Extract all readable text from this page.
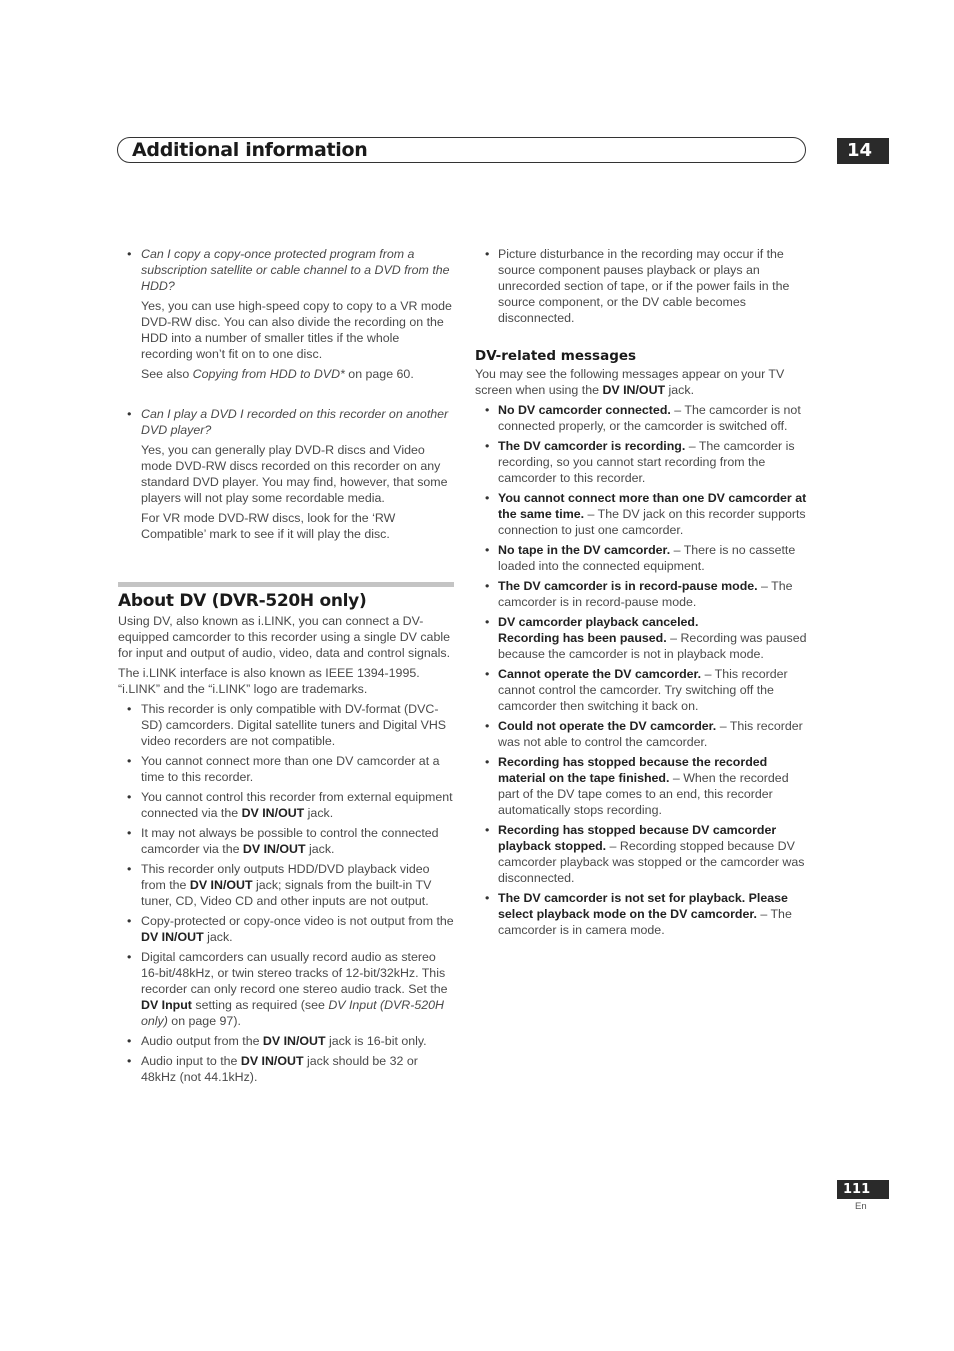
Additional information	14

• Can I copy a copy-once protected program from a subscription satellite or cable channel to a DVD from the HDD?

Yes, you can use high-speed copy to copy to a VR mode DVD-RW disc. You can also divide the recording on the HDD into a number of smaller titles if the whole recording won’t fit on to one disc.

See also Copying from HDD to DVD* on page 60.

• Can I play a DVD I recorded on this recorder on another DVD player?

Yes, you can generally play DVD-R discs and Video mode DVD-RW discs recorded on this recorder on any standard DVD player. You may find, however, that some players will not play some recordable media.

For VR mode DVD-RW discs, look for the ‘RW Compatible’ mark to see if it will play the disc.

About DV (DVR-520H only)

Using DV, also known as i.LINK, you can connect a DV-equipped camcorder to this recorder using a single DV cable for input and output of audio, video, data and control signals.

The i.LINK interface is also known as IEEE 1394-1995. “i.LINK” and the “i.LINK” logo are trademarks.

• This recorder is only compatible with DV-format (DVC-SD) camcorders. Digital satellite tuners and Digital VHS video recorders are not compatible.

• You cannot connect more than one DV camcorder at a time to this recorder.

• You cannot control this recorder from external equipment connected via the DV IN/OUT jack.

• It may not always be possible to control the connected camcorder via the DV IN/OUT jack.

• This recorder only outputs HDD/DVD playback video from the DV IN/OUT jack; signals from the built-in TV tuner, CD, Video CD and other inputs are not output.

• Copy-protected or copy-once video is not output from the DV IN/OUT jack.

• Digital camcorders can usually record audio as stereo 16-bit/48kHz, or twin stereo tracks of 12-bit/32kHz. This recorder can only record one stereo audio track. Set the DV Input setting as required (see DV Input (DVR-520H only) on page 97).

• Audio output from the DV IN/OUT jack is 16-bit only.

• Audio input to the DV IN/OUT jack should be 32 or 48kHz (not 44.1kHz).

• Picture disturbance in the recording may occur if the source component pauses playback or plays an unrecorded section of tape, or if the power fails in the source component, or the DV cable becomes disconnected.

DV-related messages

You may see the following messages appear on your TV screen when using the DV IN/OUT jack.

• No DV camcorder connected. – The camcorder is not connected properly, or the camcorder is switched off.

• The DV camcorder is recording. – The camcorder is recording, so you cannot start recording from the camcorder to this recorder.

• You cannot connect more than one DV camcorder at the same time. – The DV jack on this recorder supports connection to just one camcorder.

• No tape in the DV camcorder. – There is no cassette loaded into the connected equipment.

• The DV camcorder is in record-pause mode. – The camcorder is in record-pause mode.

• DV camcorder playback canceled.
Recording has been paused. – Recording was paused because the camcorder is not in playback mode.

• Cannot operate the DV camcorder. – This recorder cannot control the camcorder. Try switching off the camcorder then switching it back on.

• Could not operate the DV camcorder. – This recorder was not able to control the camcorder.

• Recording has stopped because the recorded material on the tape finished. – When the recorded part of the DV tape comes to an end, this recorder automatically stops recording.

• Recording has stopped because DV camcorder playback stopped. – Recording stopped because DV camcorder playback was stopped or the camcorder was disconnected.

• The DV camcorder is not set for playback. Please select playback mode on the DV camcorder. – The camcorder is in camera mode.

111
En
